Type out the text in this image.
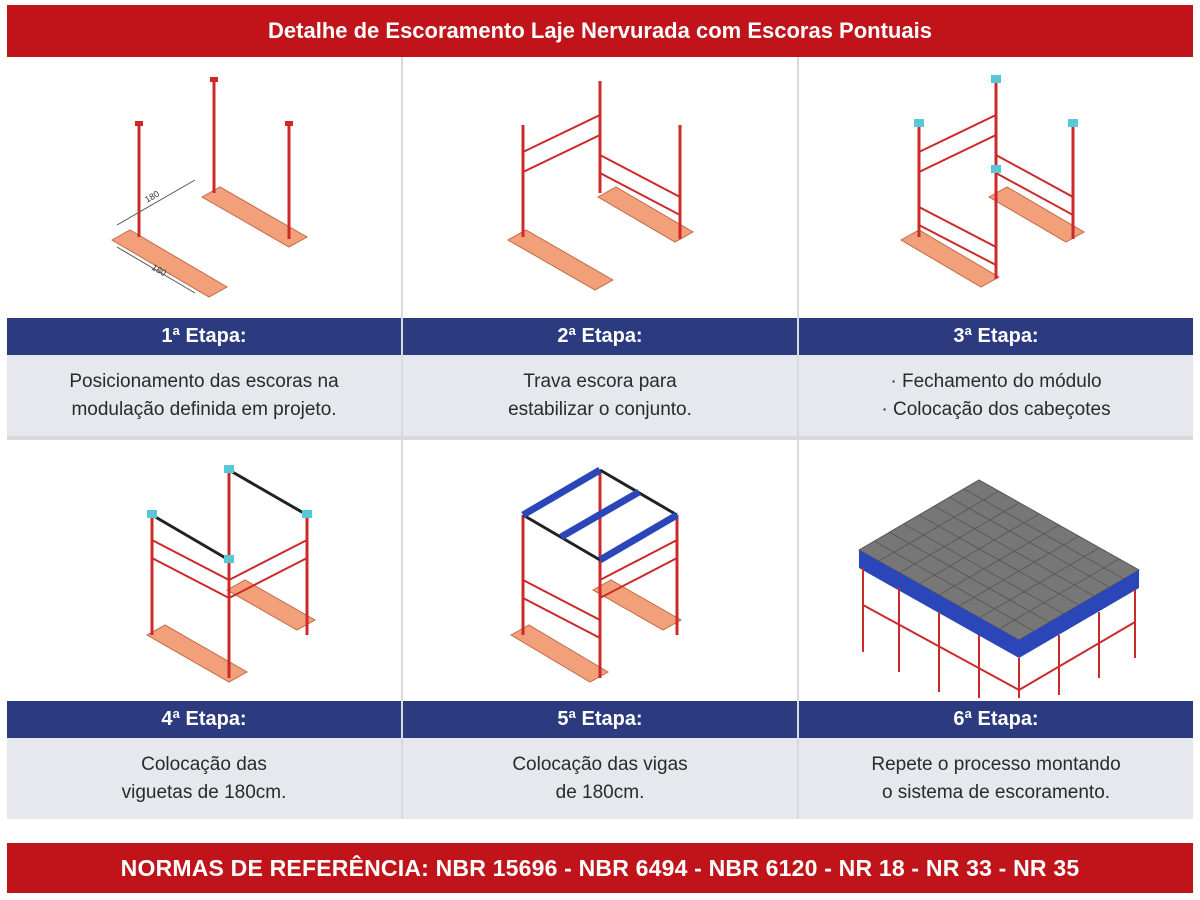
Detalhe de Escoramento Laje Nervurada com Escoras Pontuais
180
180
1ª Etapa:
Posicionamento das escoras na
modulação definida em projeto.
2ª Etapa:
Trava escora para
estabilizar o conjunto.
3ª Etapa:
· Fechamento do módulo
· Colocação dos cabeçotes
4ª Etapa:
Colocação das
viguetas de 180cm.
5ª Etapa:
Colocação das vigas
de 180cm.
6ª Etapa:
Repete o processo montando
o sistema de escoramento.
NORMAS DE REFERÊNCIA: NBR 15696 - NBR 6494 - NBR 6120 - NR 18 - NR 33 - NR 35
